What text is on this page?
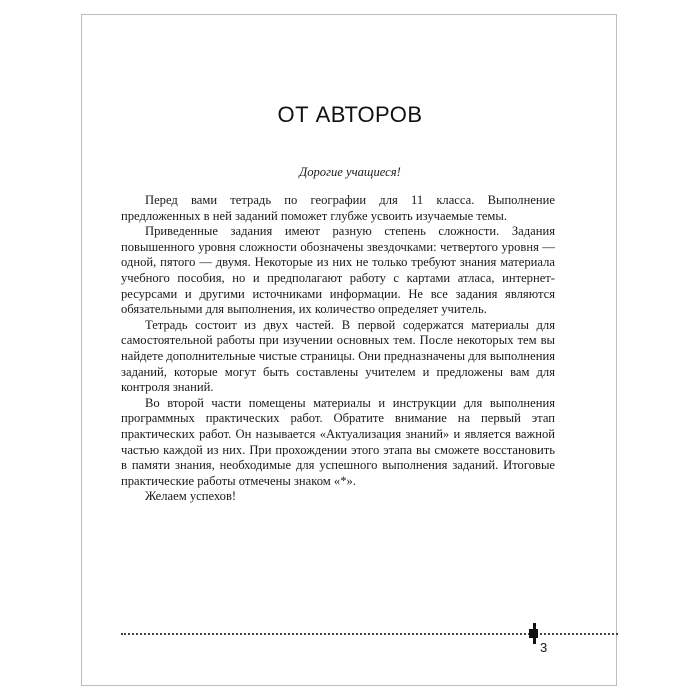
ОТ АВТОРОВ
Дорогие учащиеся!

Перед вами тетрадь по географии для 11 класса. Выполнение предложенных в ней заданий поможет глубже усвоить изучаемые темы.

Приведенные задания имеют разную степень сложности. Задания повышенного уровня сложности обозначены звездочками: четвертого уровня — одной, пятого — двумя. Некоторые из них не только требуют знания материала учебного пособия, но и предполагают работу с картами атласа, интернет-ресурсами и другими источниками информации. Не все задания являются обязательными для выполнения, их количество определяет учитель.

Тетрадь состоит из двух частей. В первой содержатся материалы для самостоятельной работы при изучении основных тем. После некоторых тем вы найдете дополнительные чистые страницы. Они предназначены для выполнения заданий, которые могут быть составлены учителем и предложены вам для контроля знаний.

Во второй части помещены материалы и инструкции для выполнения программных практических работ. Обратите внимание на первый этап практических работ. Он называется «Актуализация знаний» и является важной частью каждой из них. При прохождении этого этапа вы сможете восстановить в памяти знания, необходимые для успешного выполнения заданий. Итоговые практические работы отмечены знаком «*».

Желаем успехов!

3
